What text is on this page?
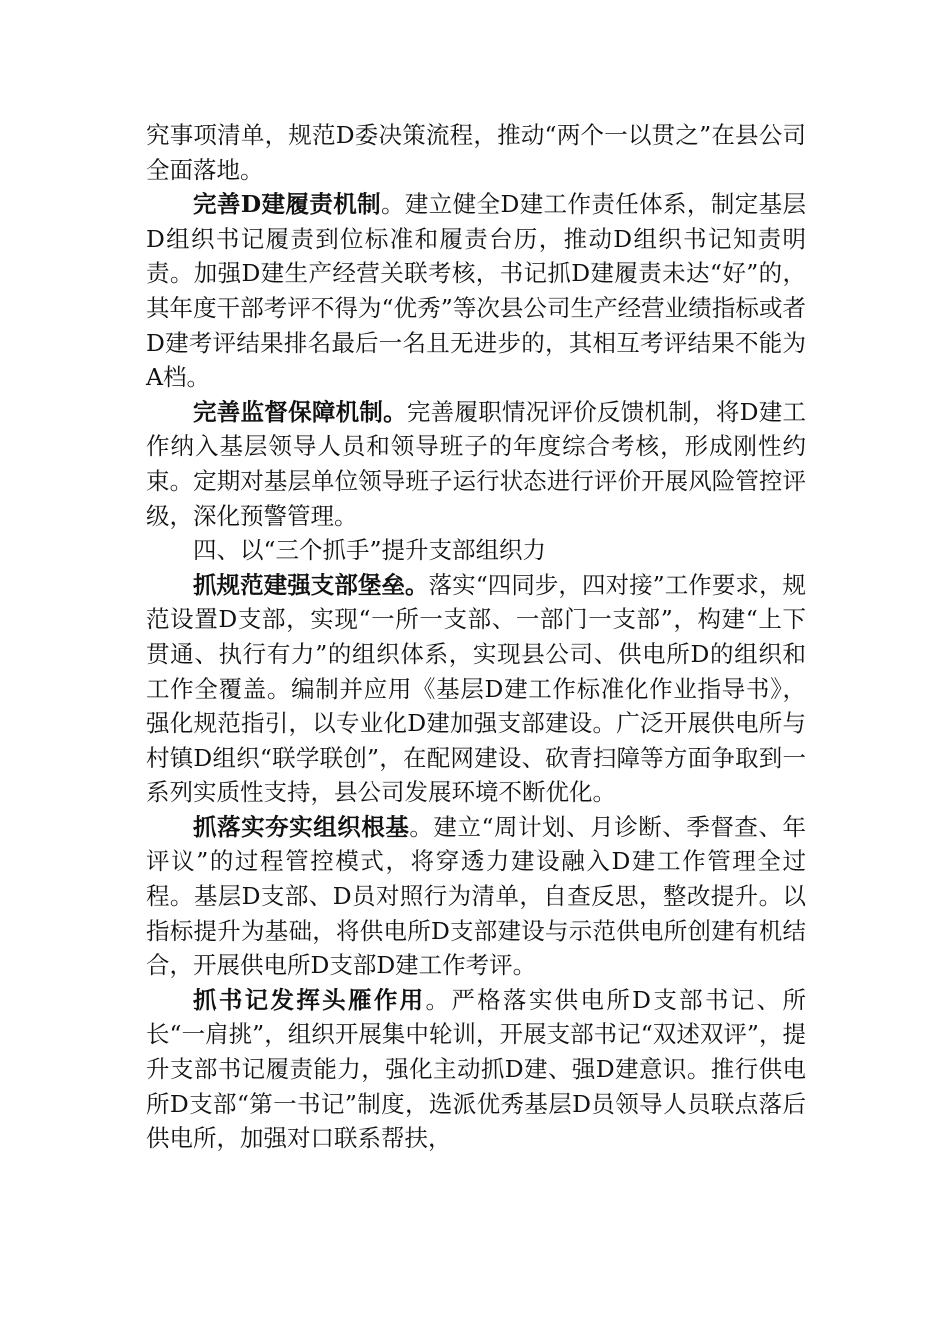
究事项清单，规范D委决策流程，推动“两个一以贯之”在县公司全面落地。

完善D建履责机制。建立健全D建工作责任体系，制定基层D组织书记履责到位标准和履责台历，推动D组织书记知责明责。加强D建生产经营关联考核，书记抓D建履责未达“好”的，其年度干部考评不得为“优秀”等次县公司生产经营业绩指标或者D建考评结果排名最后一名且无进步的，其相互考评结果不能为A档。

完善监督保障机制。完善履职情况评价反馈机制，将D建工作纳入基层领导人员和领导班子的年度综合考核，形成刚性约束。定期对基层单位领导班子运行状态进行评价开展风险管控评级，深化预警管理。

四、以“三个抓手”提升支部组织力

抓规范建强支部堡垒。落实“四同步，四对接”工作要求，规范设置D支部，实现“一所一支部、一部门一支部”，构建“上下贯通、执行有力”的组织体系，实现县公司、供电所D的组织和工作全覆盖。编制并应用《基层D建工作标准化作业指导书》，强化规范指引，以专业化D建加强支部建设。广泛开展供电所与村镇D组织“联学联创”，在配网建设、砍青扫障等方面争取到一系列实质性支持，县公司发展环境不断优化。

抓落实夯实组织根基。建立“周计划、月诊断、季督查、年评议”的过程管控模式，将穿透力建设融入D建工作管理全过程。基层D支部、D员对照行为清单，自查反思，整改提升。以指标提升为基础，将供电所D支部建设与示范供电所创建有机结合，开展供电所D支部D建工作考评。

抓书记发挥头雁作用。严格落实供电所D支部书记、所长“一肩挑”，组织开展集中轮训，开展支部书记“双述双评”，提升支部书记履责能力，强化主动抓D建、强D建意识。推行供电所D支部“第一书记”制度，选派优秀基层D员领导人员联点落后供电所，加强对口联系帮扶，
